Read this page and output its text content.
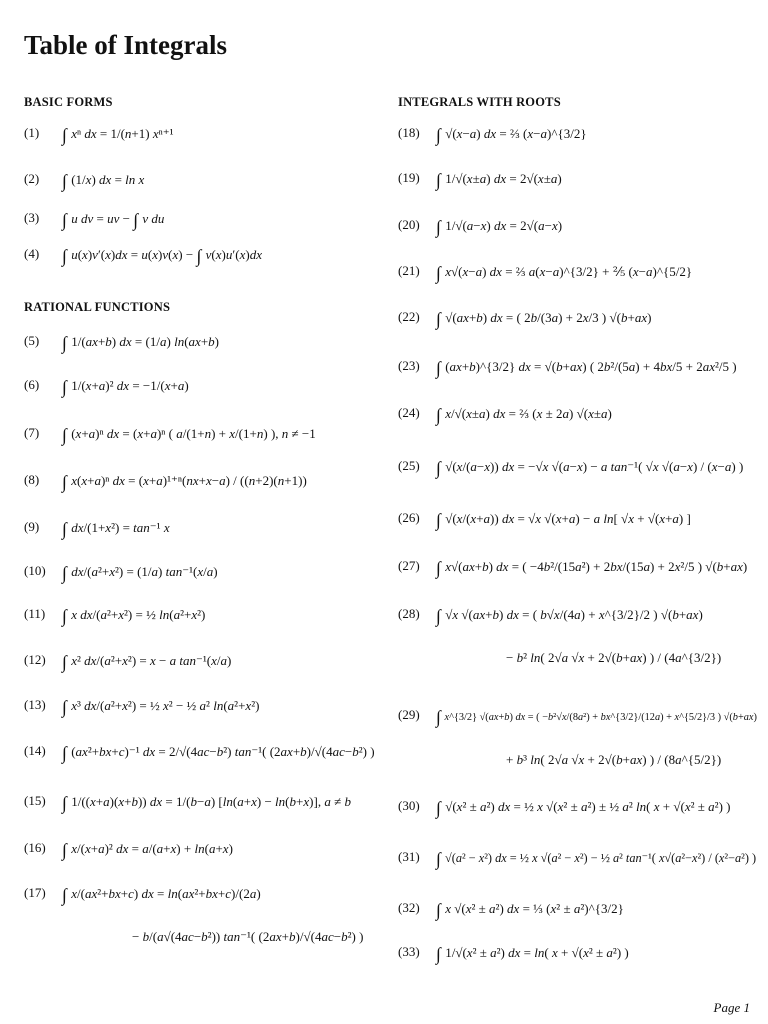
Table of Integrals
BASIC FORMS
RATIONAL FUNCTIONS
INTEGRALS WITH ROOTS
(1)	∫ xⁿ dx = 1/(n+1) xⁿ⁺¹
(2)	∫ (1/x) dx = ln x
(3)	∫ u dv = uv − ∫ v du
(4)	∫ u(x)v′(x)dx = u(x)v(x) − ∫ v(x)u′(x)dx
(5)	∫ 1/(ax+b) dx = (1/a) ln(ax+b)
(6)	∫ 1/(x+a)² dx = −1/(x+a)
(7)	∫ (x+a)ⁿ dx = (x+a)ⁿ ( a/(1+n) + x/(1+n) ), n ≠ −1
(8)	∫ x(x+a)ⁿ dx = (x+a)¹⁺ⁿ(nx+x−a) / ((n+2)(n+1))
(9)	∫ dx/(1+x²) = tan⁻¹ x
(10) ∫ dx/(a²+x²) = (1/a) tan⁻¹(x/a)
(11) ∫ x dx/(a²+x²) = ½ ln(a²+x²)
(12) ∫ x² dx/(a²+x²) = x − a tan⁻¹(x/a)
(13) ∫ x³ dx/(a²+x²) = ½ x² − ½ a² ln(a²+x²)
(14) ∫ (ax²+bx+c)⁻¹ dx = 2/√(4ac−b²) tan⁻¹( (2ax+b)/√(4ac−b²) )
(15) ∫ 1/((x+a)(x+b)) dx = 1/(b−a) [ln(a+x) − ln(b+x)], a ≠ b
(16) ∫ x/(x+a)² dx = a/(a+x) + ln(a+x)
(17) ∫ x/(ax²+bx+c) dx = ln(ax²+bx+c)/(2a)
− b/(a√(4ac−b²)) tan⁻¹( (2ax+b)/√(4ac−b²) )
(18) ∫ √(x−a) dx = ⅔ (x−a)^{3/2}
(19) ∫ 1/√(x±a) dx = 2√(x±a)
(20) ∫ 1/√(a−x) dx = 2√(a−x)
(21) ∫ x√(x−a) dx = ⅔ a(x−a)^{3/2} + ⅖ (x−a)^{5/2}
(22) ∫ √(ax+b) dx = ( 2b/(3a) + 2x/3 ) √(b+ax)
(23) ∫ (ax+b)^{3/2} dx = √(b+ax) ( 2b²/(5a) + 4bx/5 + 2ax²/5 )
(24) ∫ x/√(x±a) dx = ⅔ (x ± 2a) √(x±a)
(25) ∫ √(x/(a−x)) dx = −√x √(a−x) − a tan⁻¹( √x √(a−x) / (x−a) )
(26) ∫ √(x/(x+a)) dx = √x √(x+a) − a ln[ √x + √(x+a) ]
(27) ∫ x√(ax+b) dx = ( −4b²/(15a²) + 2bx/(15a) + 2x²/5 ) √(b+ax)
(28) ∫ √x √(ax+b) dx = ( b√x/(4a) + x^{3/2}/2 ) √(b+ax)
− b² ln( 2√a √x + 2√(b+ax) ) / (4a^{3/2})
(29) ∫ x^{3/2} √(ax+b) dx = ( −b²√x/(8a²) + bx^{3/2}/(12a) + x^{5/2}/3 ) √(b+ax)
+ b³ ln( 2√a √x + 2√(b+ax) ) / (8a^{5/2})
(30) ∫ √(x² ± a²) dx = ½ x √(x² ± a²) ± ½ a² ln( x + √(x² ± a²) )
(31) ∫ √(a² − x²) dx = ½ x √(a² − x²) − ½ a² tan⁻¹( x√(a²−x²) / (x²−a²) )
(32) ∫ x √(x² ± a²) dx = ⅓ (x² ± a²)^{3/2}
(33) ∫ 1/√(x² ± a²) dx = ln( x + √(x² ± a²) )
Page 1
